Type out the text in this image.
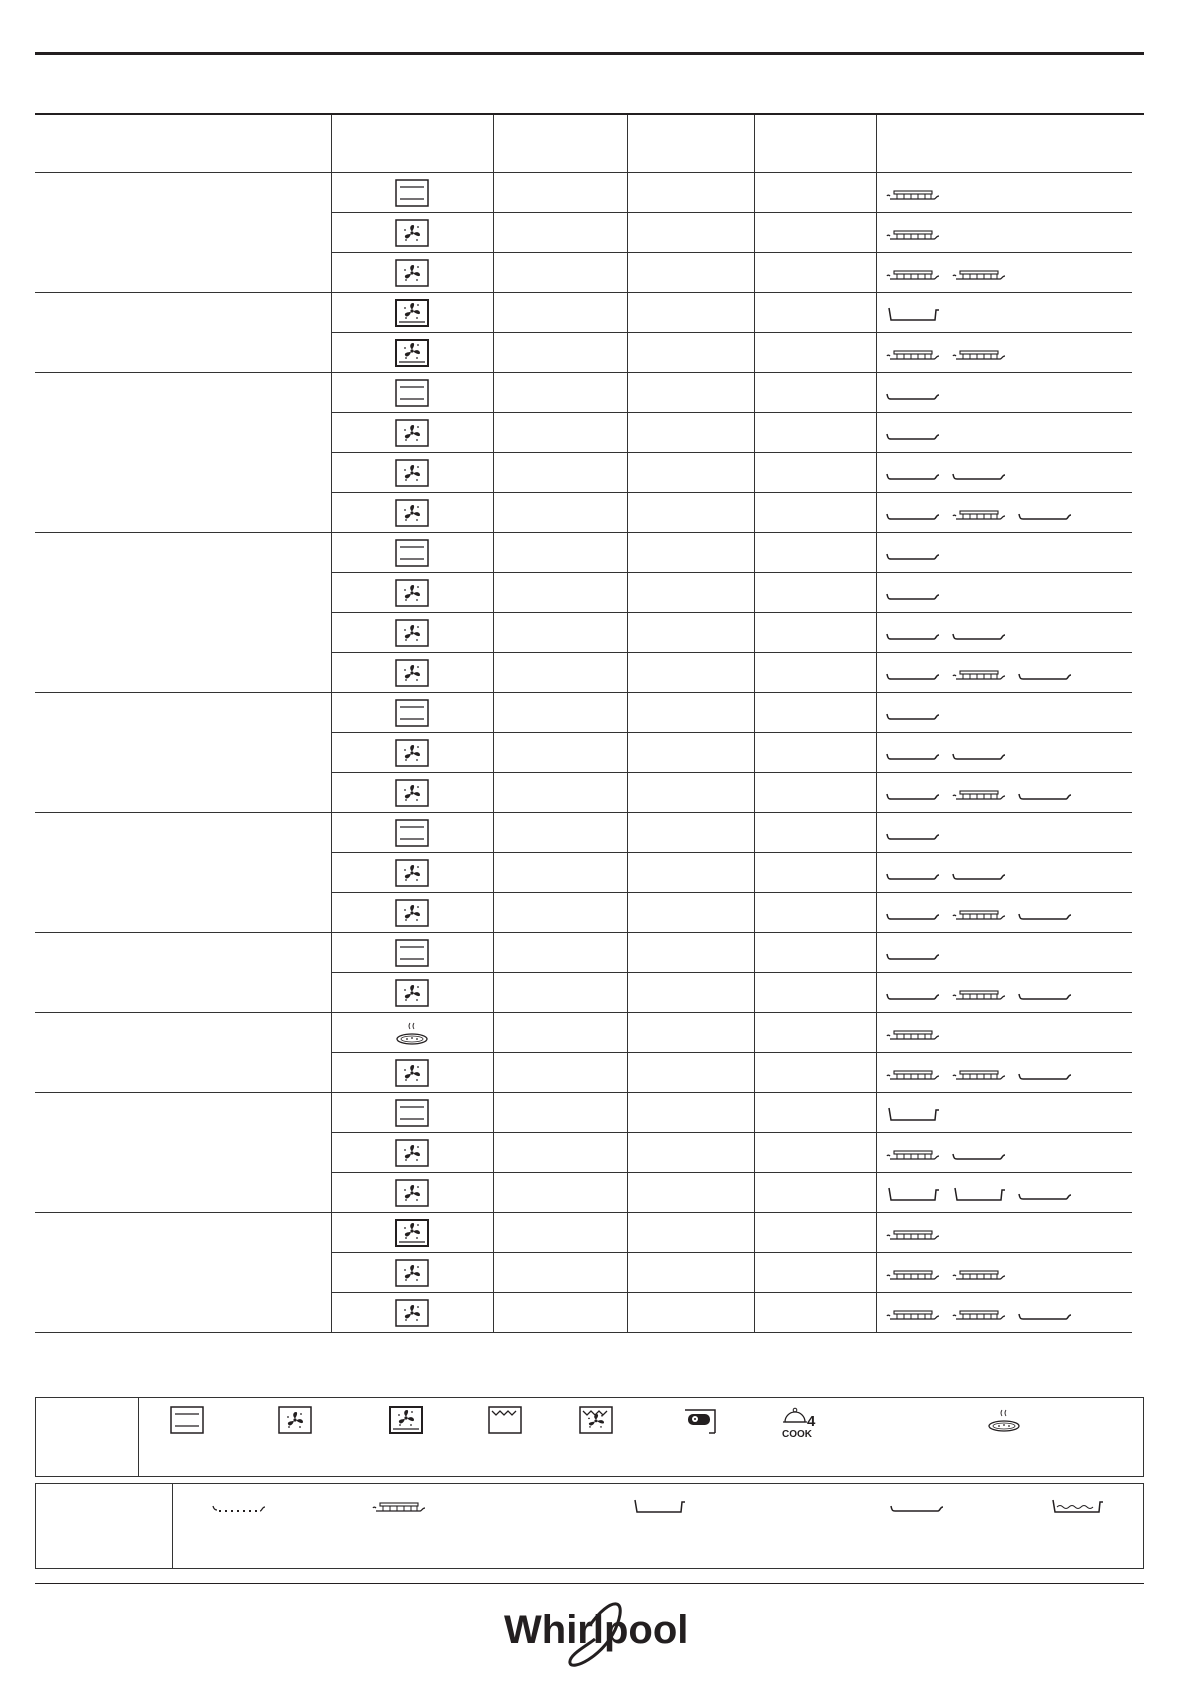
4
COOK
Whirlpool
